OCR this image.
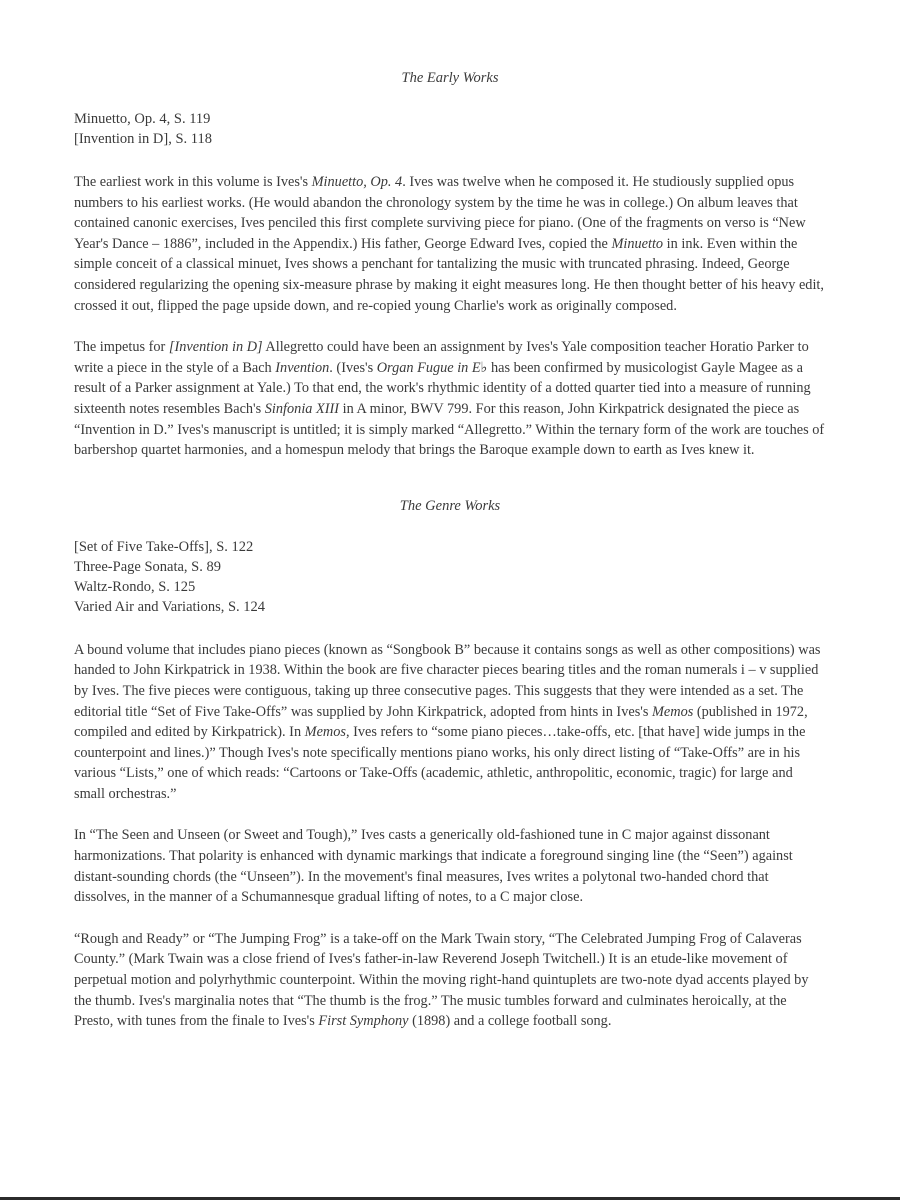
The Early Works
Minuetto, Op. 4, S. 119
[Invention in D], S. 118

The earliest work in this volume is Ives's Minuetto, Op. 4. Ives was twelve when he composed it. He studiously supplied opus numbers to his earliest works. (He would abandon the chronology system by the time he was in college.) On album leaves that contained canonic exercises, Ives penciled this first complete surviving piece for piano. (One of the fragments on verso is “New Year's Dance – 1886”, included in the Appendix.) His father, George Edward Ives, copied the Minuetto in ink. Even within the simple conceit of a classical minuet, Ives shows a penchant for tantalizing the music with truncated phrasing. Indeed, George considered regularizing the opening six-measure phrase by making it eight measures long. He then thought better of his heavy edit, crossed it out, flipped the page upside down, and re-copied young Charlie's work as originally composed.

The impetus for [Invention in D] Allegretto could have been an assignment by Ives's Yale composition teacher Horatio Parker to write a piece in the style of a Bach Invention. (Ives's Organ Fugue in E♭ has been confirmed by musicologist Gayle Magee as a result of a Parker assignment at Yale.) To that end, the work's rhythmic identity of a dotted quarter tied into a measure of running sixteenth notes resembles Bach's Sinfonia XIII in A minor, BWV 799. For this reason, John Kirkpatrick designated the piece as “Invention in D.” Ives's manuscript is untitled; it is simply marked “Allegretto.” Within the ternary form of the work are touches of barbershop quartet harmonies, and a homespun melody that brings the Baroque example down to earth as Ives knew it.

The Genre Works
[Set of Five Take-Offs], S. 122
Three-Page Sonata, S. 89
Waltz-Rondo, S. 125
Varied Air and Variations, S. 124

A bound volume that includes piano pieces (known as “Songbook B” because it contains songs as well as other compositions) was handed to John Kirkpatrick in 1938. Within the book are five character pieces bearing titles and the roman numerals i – v supplied by Ives. The five pieces were contiguous, taking up three consecutive pages. This suggests that they were intended as a set. The editorial title “Set of Five Take-Offs” was supplied by John Kirkpatrick, adopted from hints in Ives's Memos (published in 1972, compiled and edited by Kirkpatrick). In Memos, Ives refers to “some piano pieces…take-offs, etc. [that have] wide jumps in the counterpoint and lines.)” Though Ives's note specifically mentions piano works, his only direct listing of “Take-Offs” are in his various “Lists,” one of which reads: “Cartoons or Take-Offs (academic, athletic, anthropolitic, economic, tragic) for large and small orchestras.”

In “The Seen and Unseen (or Sweet and Tough),” Ives casts a generically old-fashioned tune in C major against dissonant harmonizations. That polarity is enhanced with dynamic markings that indicate a foreground singing line (the “Seen”) against distant-sounding chords (the “Unseen”). In the movement's final measures, Ives writes a polytonal two-handed chord that dissolves, in the manner of a Schumannesque gradual lifting of notes, to a C major close.

“Rough and Ready” or “The Jumping Frog” is a take-off on the Mark Twain story, “The Celebrated Jumping Frog of Calaveras County.” (Mark Twain was a close friend of Ives's father-in-law Reverend Joseph Twitchell.) It is an etude-like movement of perpetual motion and polyrhythmic counterpoint. Within the moving right-hand quintuplets are two-note dyad accents played by the thumb. Ives's marginalia notes that “The thumb is the frog.” The music tumbles forward and culminates heroically, at the Presto, with tunes from the finale to Ives's First Symphony (1898) and a college football song.
